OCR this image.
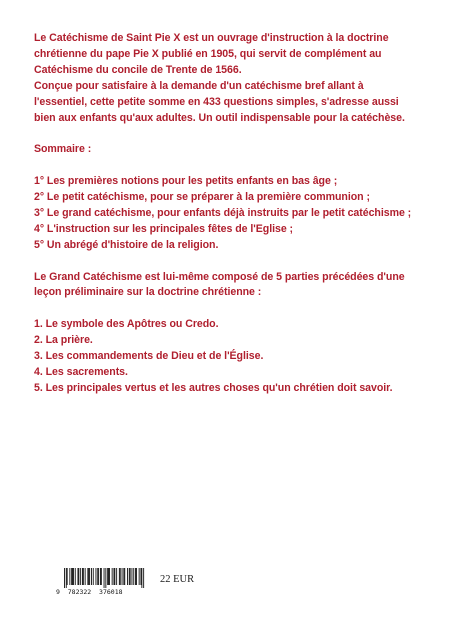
Le Catéchisme de Saint Pie X est un ouvrage d'instruction à la doctrine chrétienne du pape Pie X publié en 1905, qui servit de complément au Catéchisme du concile de Trente de 1566.

Conçue pour satisfaire à la demande d'un catéchisme bref allant à l'essentiel, cette petite somme en 433 questions simples, s'adresse aussi bien aux enfants qu'aux adultes. Un outil indispensable pour la catéchèse.

Sommaire :

1° Les premières notions pour les petits enfants en bas âge ;

2° Le petit catéchisme, pour se préparer à la première communion ;

3° Le grand catéchisme, pour enfants déjà instruits par le petit catéchisme ;

4° L'instruction sur les principales fêtes de l'Eglise ;

5° Un abrégé d'histoire de la religion.

Le Grand Catéchisme est lui-même composé de 5 parties précédées d'une leçon préliminaire sur la doctrine chrétienne :

1. Le symbole des Apôtres ou Credo.

2. La prière.

3. Les commandements de Dieu et de l'Église.

4. Les sacrements.

5. Les principales vertus et les autres choses qu'un chrétien doit savoir.

9  782322  376018
22 EUR
